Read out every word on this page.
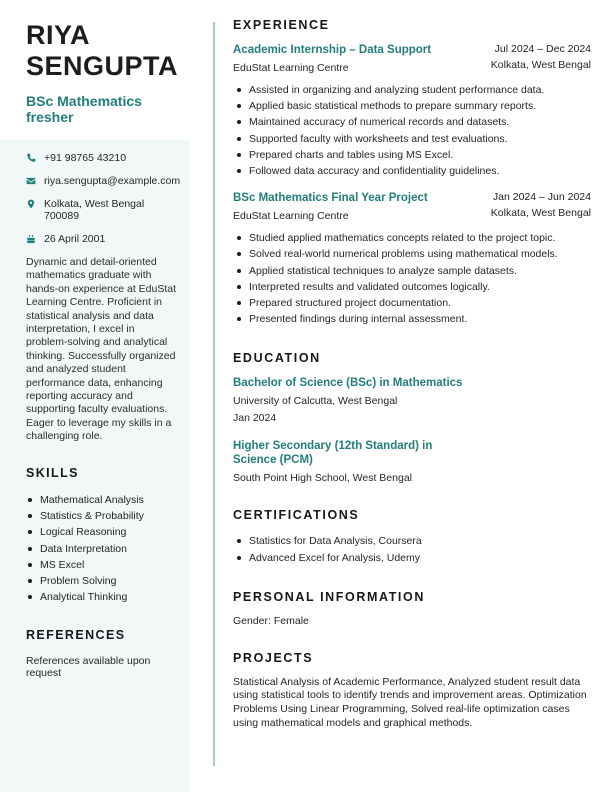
RIYA SENGUPTA
BSc Mathematics fresher
+91 98765 43210
riya.sengupta@example.com
Kolkata, West Bengal 700089
26 April 2001

Dynamic and detail-oriented mathematics graduate with hands-on experience at EduStat Learning Centre. Proficient in statistical analysis and data interpretation, I excel in problem-solving and analytical thinking. Successfully organized and analyzed student performance data, enhancing reporting accuracy and supporting faculty evaluations. Eager to leverage my skills in a challenging role.

SKILLS
Mathematical Analysis
Statistics & Probability
Logical Reasoning
Data Interpretation
MS Excel
Problem Solving
Analytical Thinking
REFERENCES
References available upon request
EXPERIENCE
Academic Internship – Data Support
EduStat Learning Centre
Jul 2024 – Dec 2024
Kolkata, West Bengal
Assisted in organizing and analyzing student performance data.
Applied basic statistical methods to prepare summary reports.
Maintained accuracy of numerical records and datasets.
Supported faculty with worksheets and test evaluations.
Prepared charts and tables using MS Excel.
Followed data accuracy and confidentiality guidelines.
BSc Mathematics Final Year Project
EduStat Learning Centre
Jan 2024 – Jun 2024
Kolkata, West Bengal
Studied applied mathematics concepts related to the project topic.
Solved real-world numerical problems using mathematical models.
Applied statistical techniques to analyze sample datasets.
Interpreted results and validated outcomes logically.
Prepared structured project documentation.
Presented findings during internal assessment.
EDUCATION
Bachelor of Science (BSc) in Mathematics
University of Calcutta, West Bengal
Jan 2024
Higher Secondary (12th Standard) in Science (PCM)
South Point High School, West Bengal
CERTIFICATIONS
Statistics for Data Analysis, Coursera
Advanced Excel for Analysis, Udemy
PERSONAL INFORMATION
Gender: Female
PROJECTS

Statistical Analysis of Academic Performance, Analyzed student result data using statistical tools to identify trends and improvement areas. Optimization Problems Using Linear Programming, Solved real-life optimization cases using mathematical models and graphical methods.
